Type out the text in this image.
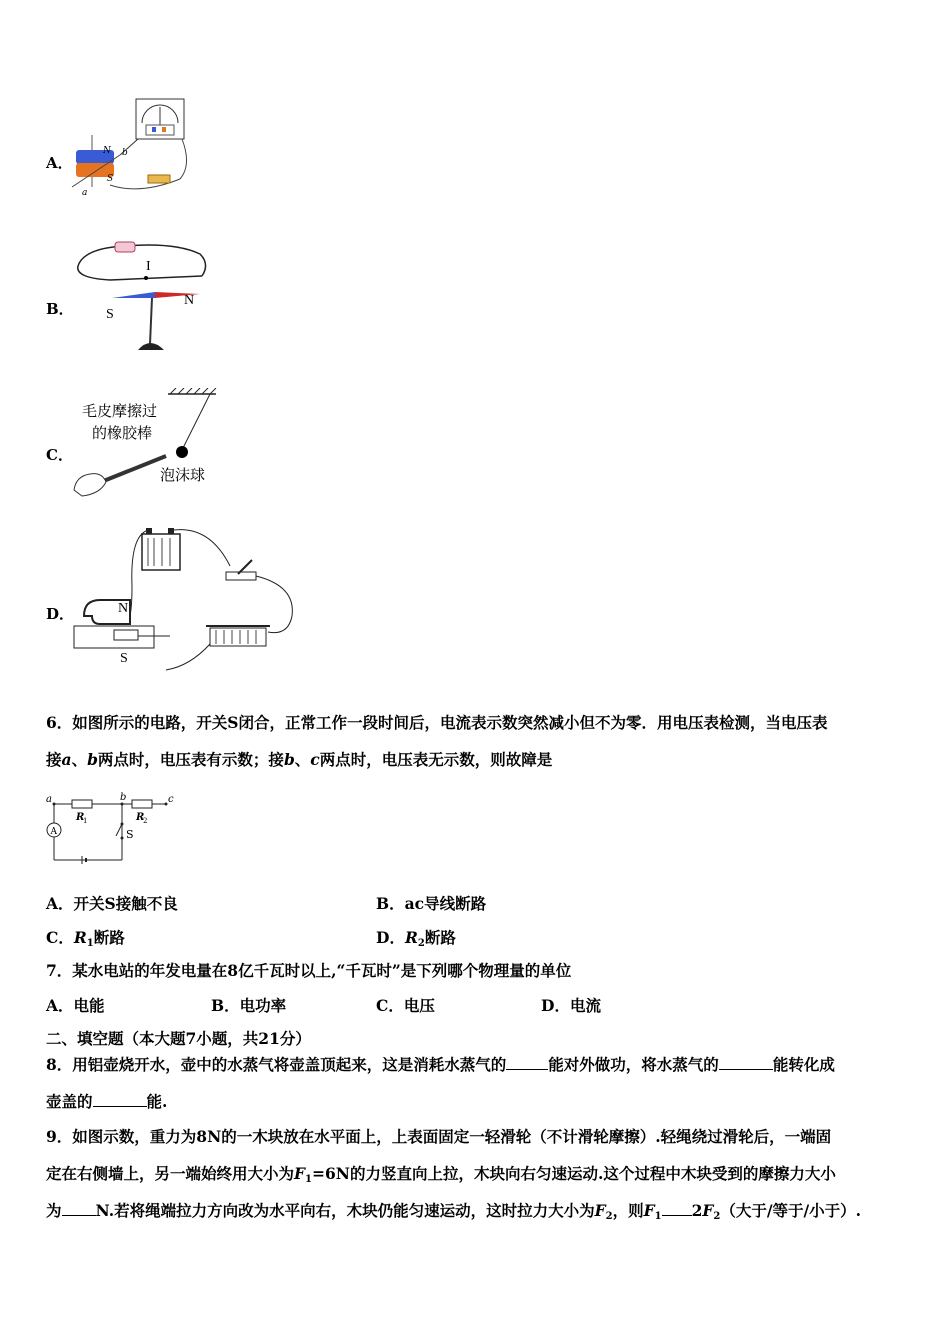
A．
N
S
a
b
B．
I
S
N
C．
毛皮摩擦过
的橡胶棒
泡沫球
D．	N
S
6．如图所示的电路，开关S闭合，正常工作一段时间后，电流表示数突然减小但不为零．用电压表检测，当电压表
接a、b两点时，电压表有示数；接b、c两点时，电压表无示数，则故障是
A
a	b	c
R
1	R
2
S
A．开关S接触不良	B．ac导线断路
C．$R_1$断路	D．$R_2$断路
7．某水电站的年发电量在8亿千瓦时以上,“千瓦时”是下列哪个物理量的单位
A．电能	B．电功率	C．电压	D．电流
二、填空题（本大题7小题，共21分）
8．用铝壶烧开水，壶中的水蒸气将壶盖顶起来，这是消耗水蒸气的	能对外做功，将水蒸气的	能转化成
壶盖的	能.
9．如图示数，重力为8N的一木块放在水平面上，上表面固定一轻滑轮（不计滑轮摩擦）.轻绳绕过滑轮后，一端固
定在右侧墙上，另一端始终用大小为$F_1=6N$的力竖直向上拉，木块向右匀速运动.这个过程中木块受到的摩擦力大小
为 N.若将绳端拉力方向改为水平向右，木块仍能匀速运动，这时拉力大小为$F_2$，则$F_1$ $2F_2$（大于/等于/小于）.
